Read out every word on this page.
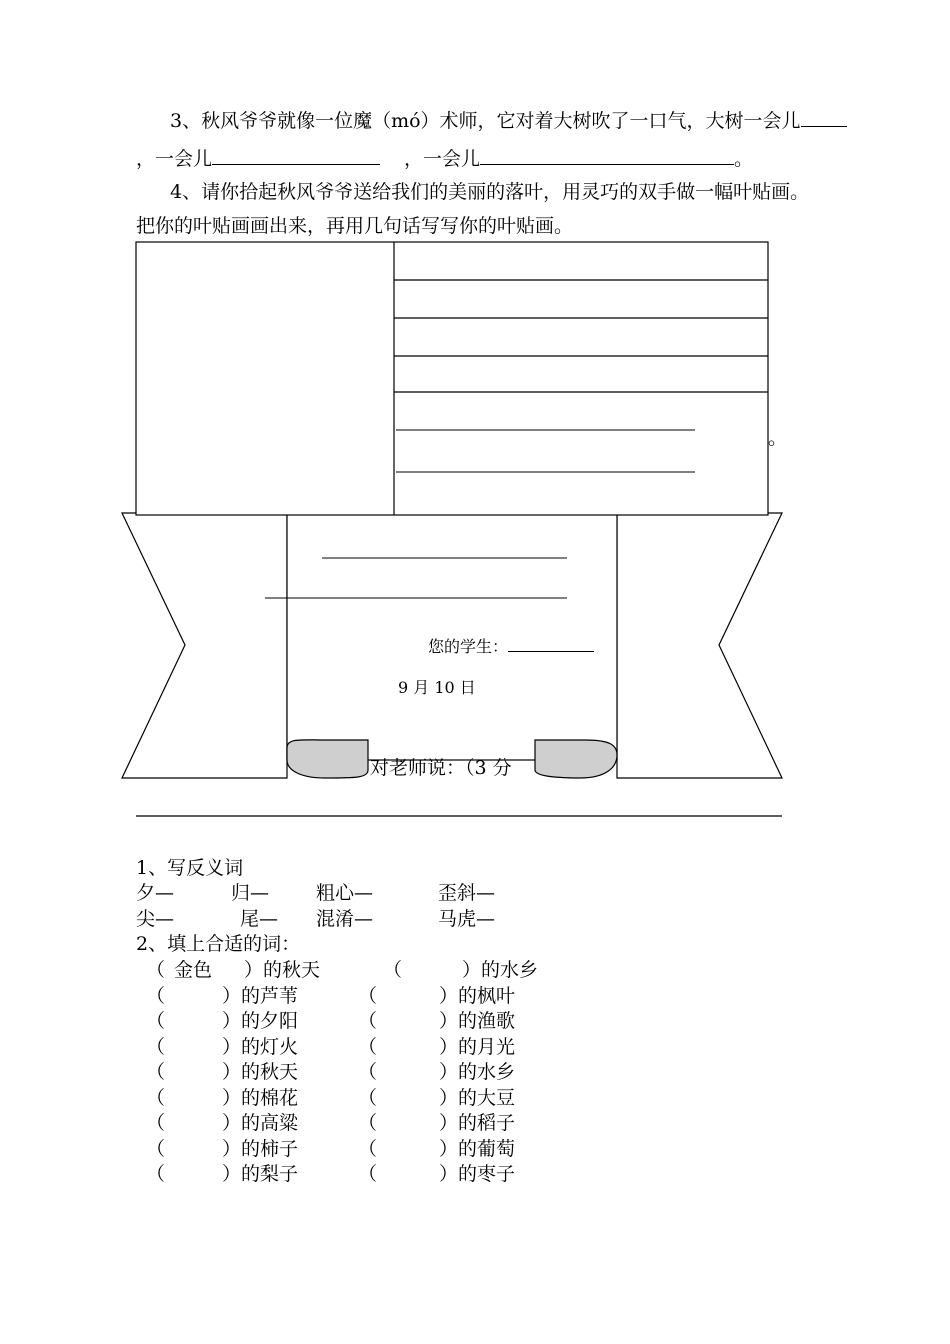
3、秋风爷爷就像一位魔（mó）术师，它对着大树吹了一口气，大树一会儿
，一会儿	，一会儿	。
4、请你拾起秋风爷爷送给我们的美丽的落叶，用灵巧的双手做一幅叶贴画。
把你的叶贴画画出来，再用几句话写写你的叶贴画。
。
您的学生：
9 月 10 日
对老师说：（3 分
1、写反义词
夕—	归— 粗心—	歪斜—
尖—	尾— 混淆—	马虎—
2、填上合适的词：
（ 金色 ）的秋天	（	）的水乡
（	）的芦苇	（	）的枫叶
（	）的夕阳	（	）的渔歌
（	）的灯火	（	）的月光
（	）的秋天	（	）的水乡
（	）的棉花	（	）的大豆
（	）的高粱	（	）的稻子
（	）的柿子	（	）的葡萄
（	）的梨子	（	）的枣子
